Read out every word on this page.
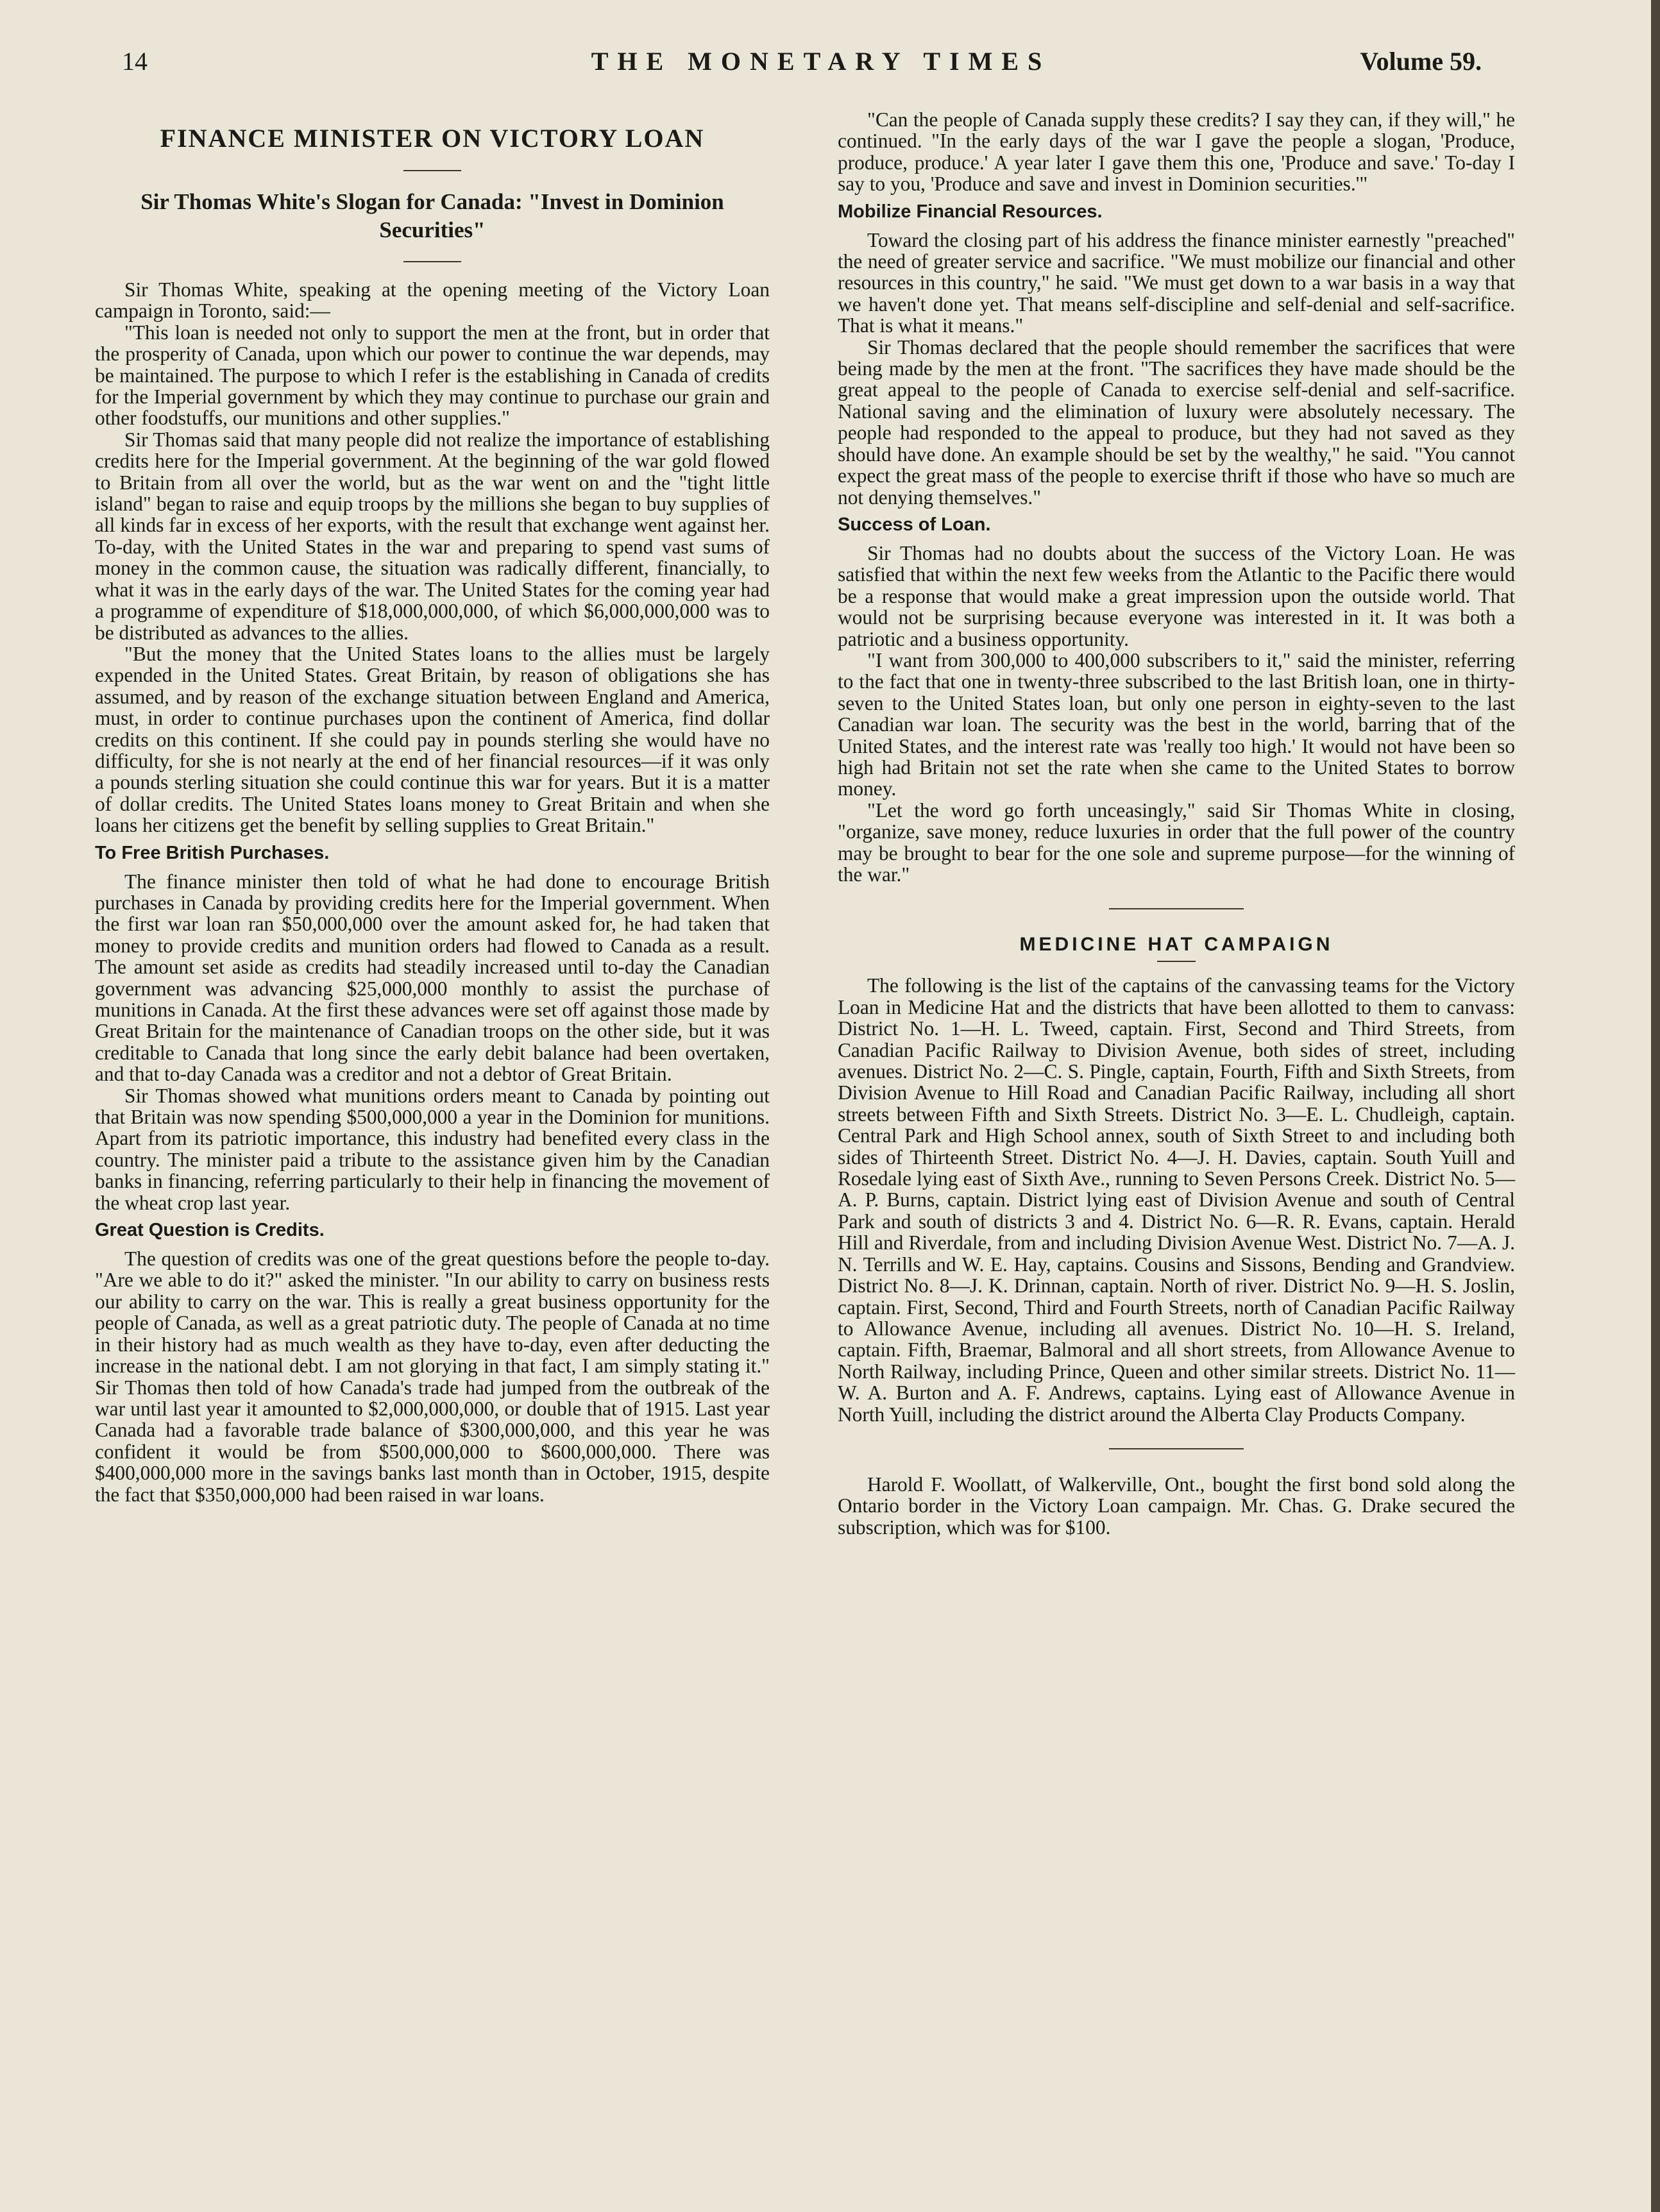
14	THE MONETARY TIMES	Volume 59.
FINANCE MINISTER ON VICTORY LOAN
Sir Thomas White's Slogan for Canada: "Invest in Dominion Securities"

Sir Thomas White, speaking at the opening meeting of the Victory Loan campaign in Toronto, said:—

"This loan is needed not only to support the men at the front, but in order that the prosperity of Canada, upon which our power to continue the war depends, may be maintained. The purpose to which I refer is the establishing in Canada of credits for the Imperial government by which they may continue to purchase our grain and other foodstuffs, our munitions and other supplies."

Sir Thomas said that many people did not realize the importance of establishing credits here for the Imperial government. At the beginning of the war gold flowed to Britain from all over the world, but as the war went on and the "tight little island" began to raise and equip troops by the millions she began to buy supplies of all kinds far in excess of her exports, with the result that exchange went against her. To-day, with the United States in the war and preparing to spend vast sums of money in the common cause, the situation was radically different, financially, to what it was in the early days of the war. The United States for the coming year had a programme of expenditure of $18,000,000,000, of which $6,000,000,000 was to be distributed as advances to the allies.

"But the money that the United States loans to the allies must be largely expended in the United States. Great Britain, by reason of obligations she has assumed, and by reason of the exchange situation between England and America, must, in order to continue purchases upon the continent of America, find dollar credits on this continent. If she could pay in pounds sterling she would have no difficulty, for she is not nearly at the end of her financial resources—if it was only a pounds sterling situation she could continue this war for years. But it is a matter of dollar credits. The United States loans money to Great Britain and when she loans her citizens get the benefit by selling supplies to Great Britain."

To Free British Purchases.

The finance minister then told of what he had done to encourage British purchases in Canada by providing credits here for the Imperial government. When the first war loan ran $50,000,000 over the amount asked for, he had taken that money to provide credits and munition orders had flowed to Canada as a result. The amount set aside as credits had steadily increased until to-day the Canadian government was advancing $25,000,000 monthly to assist the purchase of munitions in Canada. At the first these advances were set off against those made by Great Britain for the maintenance of Canadian troops on the other side, but it was creditable to Canada that long since the early debit balance had been overtaken, and that to-day Canada was a creditor and not a debtor of Great Britain.

Sir Thomas showed what munitions orders meant to Canada by pointing out that Britain was now spending $500,000,000 a year in the Dominion for munitions. Apart from its patriotic importance, this industry had benefited every class in the country. The minister paid a tribute to the assistance given him by the Canadian banks in financing, referring particularly to their help in financing the movement of the wheat crop last year.

Great Question is Credits.

The question of credits was one of the great questions before the people to-day. "Are we able to do it?" asked the minister. "In our ability to carry on business rests our ability to carry on the war. This is really a great business opportunity for the people of Canada, as well as a great patriotic duty. The people of Canada at no time in their history had as much wealth as they have to-day, even after deducting the increase in the national debt. I am not glorying in that fact, I am simply stating it." Sir Thomas then told of how Canada's trade had jumped from the outbreak of the war until last year it amounted to $2,000,000,000, or double that of 1915. Last year Canada had a favorable trade balance of $300,000,000, and this year he was confident it would be from $500,000,000 to $600,000,000. There was $400,000,000 more in the savings banks last month than in October, 1915, despite the fact that $350,000,000 had been raised in war loans.

"Can the people of Canada supply these credits? I say they can, if they will," he continued. "In the early days of the war I gave the people a slogan, 'Produce, produce, produce.' A year later I gave them this one, 'Produce and save.' To-day I say to you, 'Produce and save and invest in Dominion securities.'"

Mobilize Financial Resources.

Toward the closing part of his address the finance minister earnestly "preached" the need of greater service and sacrifice. "We must mobilize our financial and other resources in this country," he said. "We must get down to a war basis in a way that we haven't done yet. That means self-discipline and self-denial and self-sacrifice. That is what it means."

Sir Thomas declared that the people should remember the sacrifices that were being made by the men at the front. "The sacrifices they have made should be the great appeal to the people of Canada to exercise self-denial and self-sacrifice. National saving and the elimination of luxury were absolutely necessary. The people had responded to the appeal to produce, but they had not saved as they should have done. An example should be set by the wealthy," he said. "You cannot expect the great mass of the people to exercise thrift if those who have so much are not denying themselves."

Success of Loan.

Sir Thomas had no doubts about the success of the Victory Loan. He was satisfied that within the next few weeks from the Atlantic to the Pacific there would be a response that would make a great impression upon the outside world. That would not be surprising because everyone was interested in it. It was both a patriotic and a business opportunity.

"I want from 300,000 to 400,000 subscribers to it," said the minister, referring to the fact that one in twenty-three subscribed to the last British loan, one in thirty-seven to the United States loan, but only one person in eighty-seven to the last Canadian war loan. The security was the best in the world, barring that of the United States, and the interest rate was 'really too high.' It would not have been so high had Britain not set the rate when she came to the United States to borrow money.

"Let the word go forth unceasingly," said Sir Thomas White in closing, "organize, save money, reduce luxuries in order that the full power of the country may be brought to bear for the one sole and supreme purpose—for the winning of the war."

MEDICINE HAT CAMPAIGN

The following is the list of the captains of the canvassing teams for the Victory Loan in Medicine Hat and the districts that have been allotted to them to canvass: District No. 1—H. L. Tweed, captain. First, Second and Third Streets, from Canadian Pacific Railway to Division Avenue, both sides of street, including avenues. District No. 2—C. S. Pingle, captain, Fourth, Fifth and Sixth Streets, from Division Avenue to Hill Road and Canadian Pacific Railway, including all short streets between Fifth and Sixth Streets. District No. 3—E. L. Chudleigh, captain. Central Park and High School annex, south of Sixth Street to and including both sides of Thirteenth Street. District No. 4—J. H. Davies, captain. South Yuill and Rosedale lying east of Sixth Ave., running to Seven Persons Creek. District No. 5—A. P. Burns, captain. District lying east of Division Avenue and south of Central Park and south of districts 3 and 4. District No. 6—R. R. Evans, captain. Herald Hill and Riverdale, from and including Division Avenue West. District No. 7—A. J. N. Terrills and W. E. Hay, captains. Cousins and Sissons, Bending and Grandview. District No. 8—J. K. Drinnan, captain. North of river. District No. 9—H. S. Joslin, captain. First, Second, Third and Fourth Streets, north of Canadian Pacific Railway to Allowance Avenue, including all avenues. District No. 10—H. S. Ireland, captain. Fifth, Braemar, Balmoral and all short streets, from Allowance Avenue to North Railway, including Prince, Queen and other similar streets. District No. 11—W. A. Burton and A. F. Andrews, captains. Lying east of Allowance Avenue in North Yuill, including the district around the Alberta Clay Products Company.

Harold F. Woollatt, of Walkerville, Ont., bought the first bond sold along the Ontario border in the Victory Loan campaign. Mr. Chas. G. Drake secured the subscription, which was for $100.
